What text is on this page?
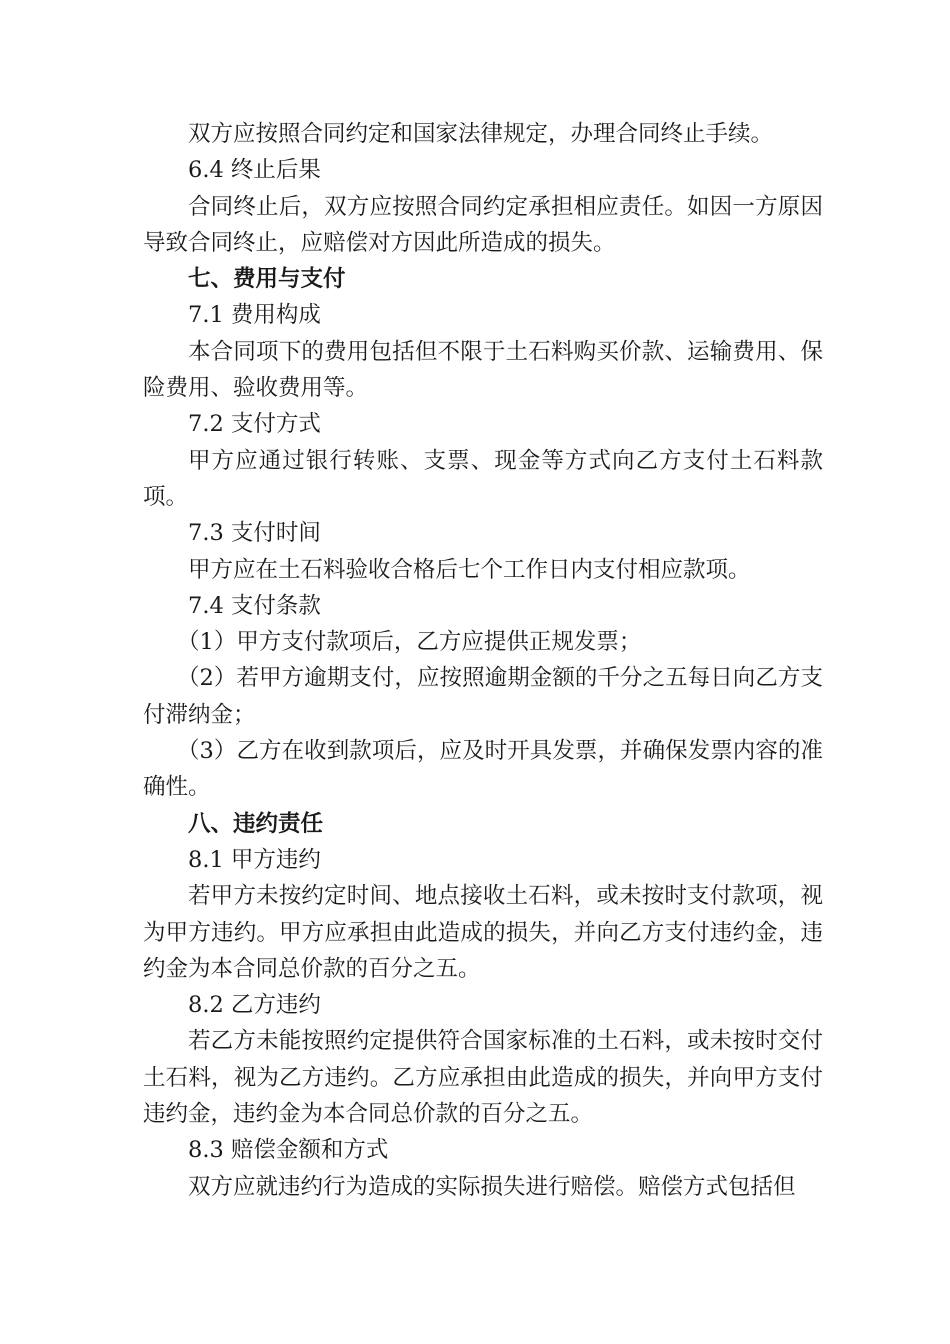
双方应按照合同约定和国家法律规定，办理合同终止手续。

6.4 终止后果

合同终止后，双方应按照合同约定承担相应责任。如因一方原因导致合同终止，应赔偿对方因此所造成的损失。

七、费用与支付

7.1 费用构成

本合同项下的费用包括但不限于土石料购买价款、运输费用、保险费用、验收费用等。

7.2 支付方式

甲方应通过银行转账、支票、现金等方式向乙方支付土石料款项。

7.3 支付时间

甲方应在土石料验收合格后七个工作日内支付相应款项。

7.4 支付条款

（1）甲方支付款项后，乙方应提供正规发票；

（2）若甲方逾期支付，应按照逾期金额的千分之五每日向乙方支付滞纳金；

（3）乙方在收到款项后，应及时开具发票，并确保发票内容的准确性。

八、违约责任

8.1 甲方违约

若甲方未按约定时间、地点接收土石料，或未按时支付款项，视为甲方违约。甲方应承担由此造成的损失，并向乙方支付违约金，违约金为本合同总价款的百分之五。

8.2 乙方违约

若乙方未能按照约定提供符合国家标准的土石料，或未按时交付土石料，视为乙方违约。乙方应承担由此造成的损失，并向甲方支付违约金，违约金为本合同总价款的百分之五。

8.3 赔偿金额和方式

双方应就违约行为造成的实际损失进行赔偿。赔偿方式包括但
